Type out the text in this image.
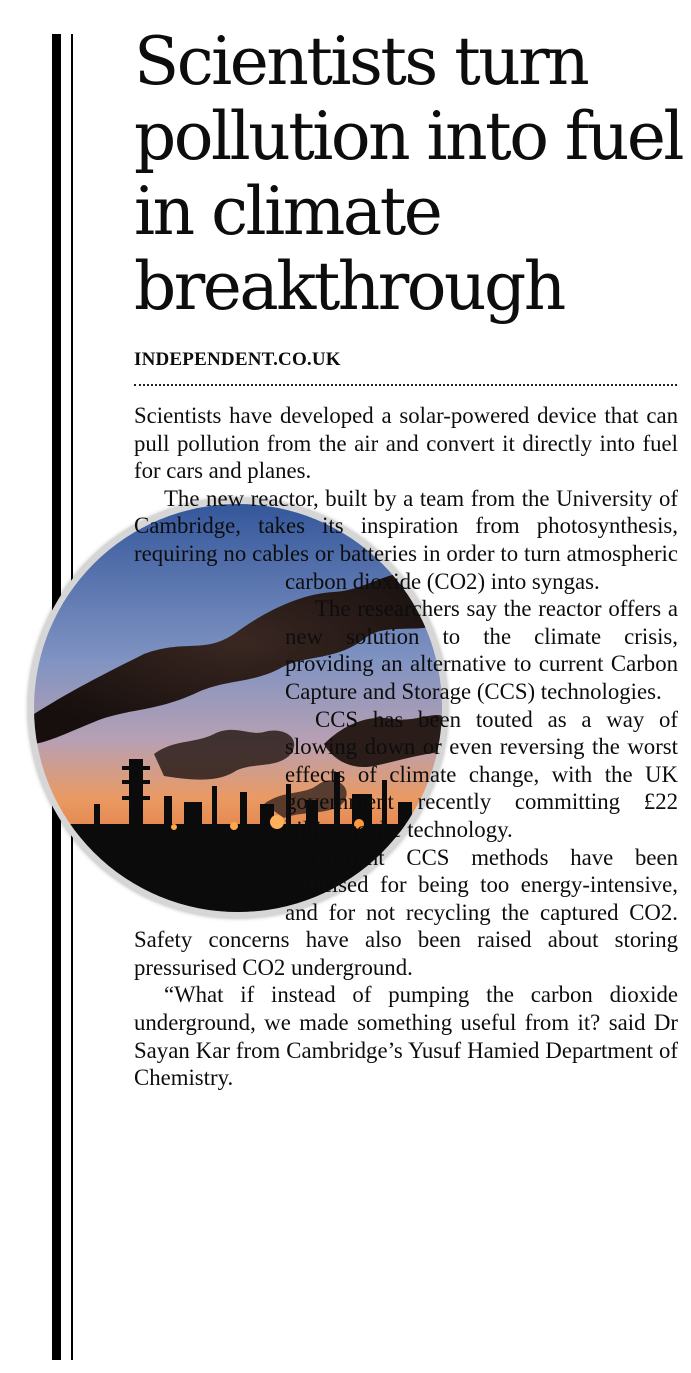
Scientists turn pollution into fuel in climate breakthrough
INDEPENDENT.CO.UK

Scientists have developed a solar-powered device that can pull pollution from the air and convert it directly into fuel for cars and planes.

The new reactor, built by a team from the University of Cambridge, takes its inspiration from photosynthesis, requiring no cables or batteries in order to turn atmospheric carbon dioxide (CO2) into syngas.

The researchers say the reactor offers a new solution to the climate crisis, providing an alternative to current Carbon Capture and Storage (CCS) technologies.

CCS has been touted as a way of slowing down or even reversing the worst effects of climate change, with the UK government recently committing £22 billion to the technology.

Current CCS methods have been criticised for being too energy-intensive, and for not recycling the captured CO2. Safety concerns have also been raised about storing pressurised CO2 underground.

“What if instead of pumping the carbon dioxide underground, we made something useful from it? said Dr Sayan Kar from Cambridge’s Yusuf Hamied Department of Chemistry.
